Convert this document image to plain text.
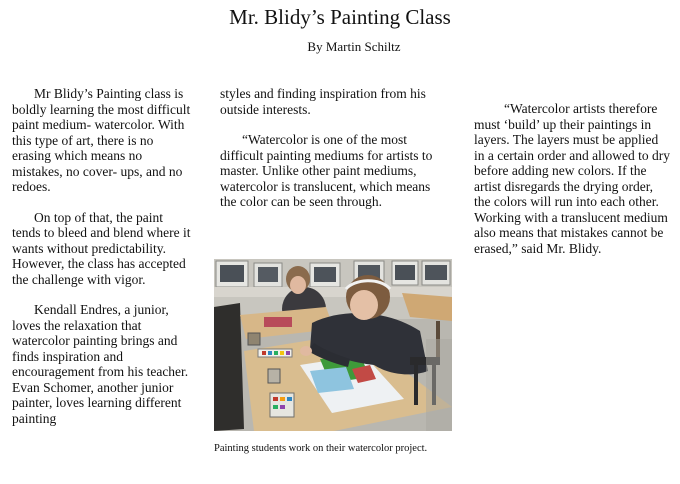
Mr. Blidy’s Painting Class
By Martin Schiltz

Mr Blidy’s Painting class is boldly learning the most difficult paint medium- watercolor. With this type of art, there is no erasing which means no mistakes, no cover- ups, and no redoes.

On top of that, the paint tends to bleed and blend where it wants without predictability. However, the class has accepted the challenge with vigor.

Kendall Endres, a junior, loves the relaxation that watercolor painting brings and finds inspiration and encouragement from his teacher. Evan Schomer, another junior painter, loves learning different painting

styles and finding inspiration from his outside interests.

“Watercolor is one of the most difficult painting mediums for artists to master. Unlike other paint mediums, watercolor is translucent, which means the color can be seen through.

Painting students work on their watercolor project.

“Watercolor artists therefore must ‘build’ up their paintings in layers. The layers must be applied in a certain order and allowed to dry before adding new colors. If the artist disregards the drying order, the colors will run into each other. Working with a translucent medium also means that mistakes cannot be erased,” said Mr. Blidy.
